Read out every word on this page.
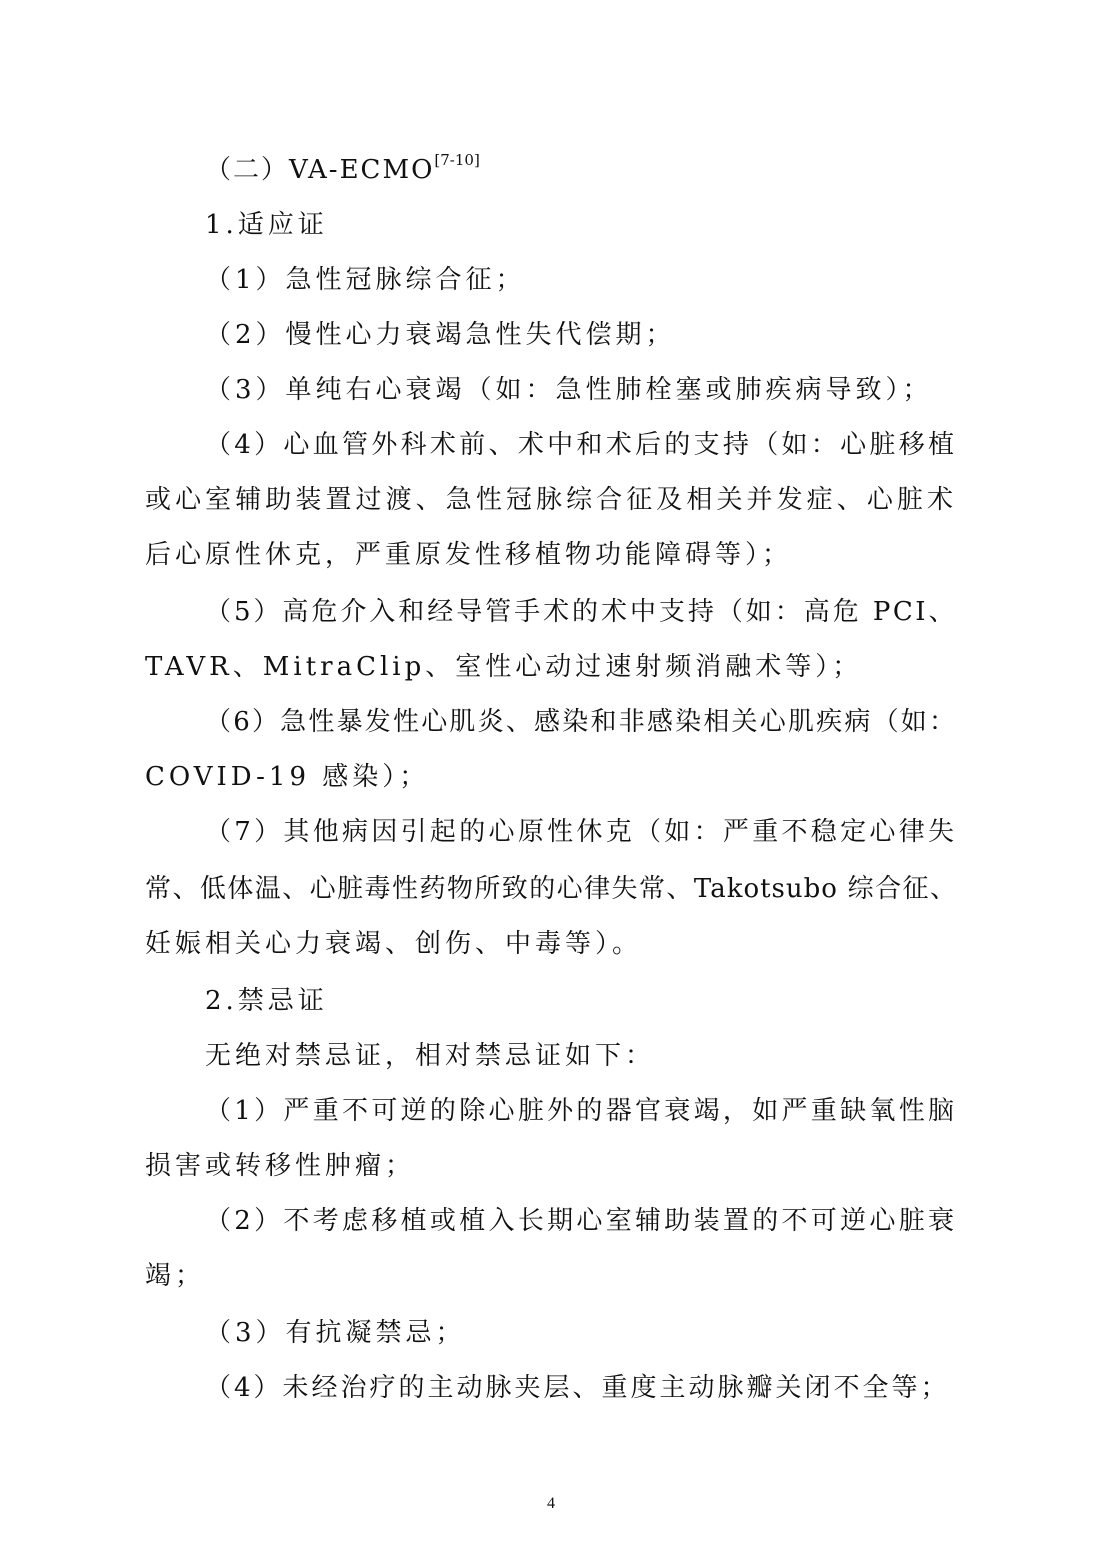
（二）VA-ECMO[7-10]
1.适应证
（1）急性冠脉综合征；
（2）慢性心力衰竭急性失代偿期；
（3）单纯右心衰竭（如：急性肺栓塞或肺疾病导致）；
（4）心血管外科术前、术中和术后的支持（如：心脏移植
或心室辅助装置过渡、急性冠脉综合征及相关并发症、心脏术
后心原性休克，严重原发性移植物功能障碍等）；
（5）高危介入和经导管手术的术中支持（如：高危 PCI、
TAVR、MitraClip、室性心动过速射频消融术等）；
（6）急性暴发性心肌炎、感染和非感染相关心肌疾病（如：
COVID-19 感染）；
（7）其他病因引起的心原性休克（如：严重不稳定心律失
常、低体温、心脏毒性药物所致的心律失常、Takotsubo 综合征、
妊娠相关心力衰竭、创伤、中毒等）。
2.禁忌证
无绝对禁忌证，相对禁忌证如下：
（1）严重不可逆的除心脏外的器官衰竭，如严重缺氧性脑
损害或转移性肿瘤；
（2）不考虑移植或植入长期心室辅助装置的不可逆心脏衰
竭；
（3）有抗凝禁忌；
（4）未经治疗的主动脉夹层、重度主动脉瓣关闭不全等；
4
